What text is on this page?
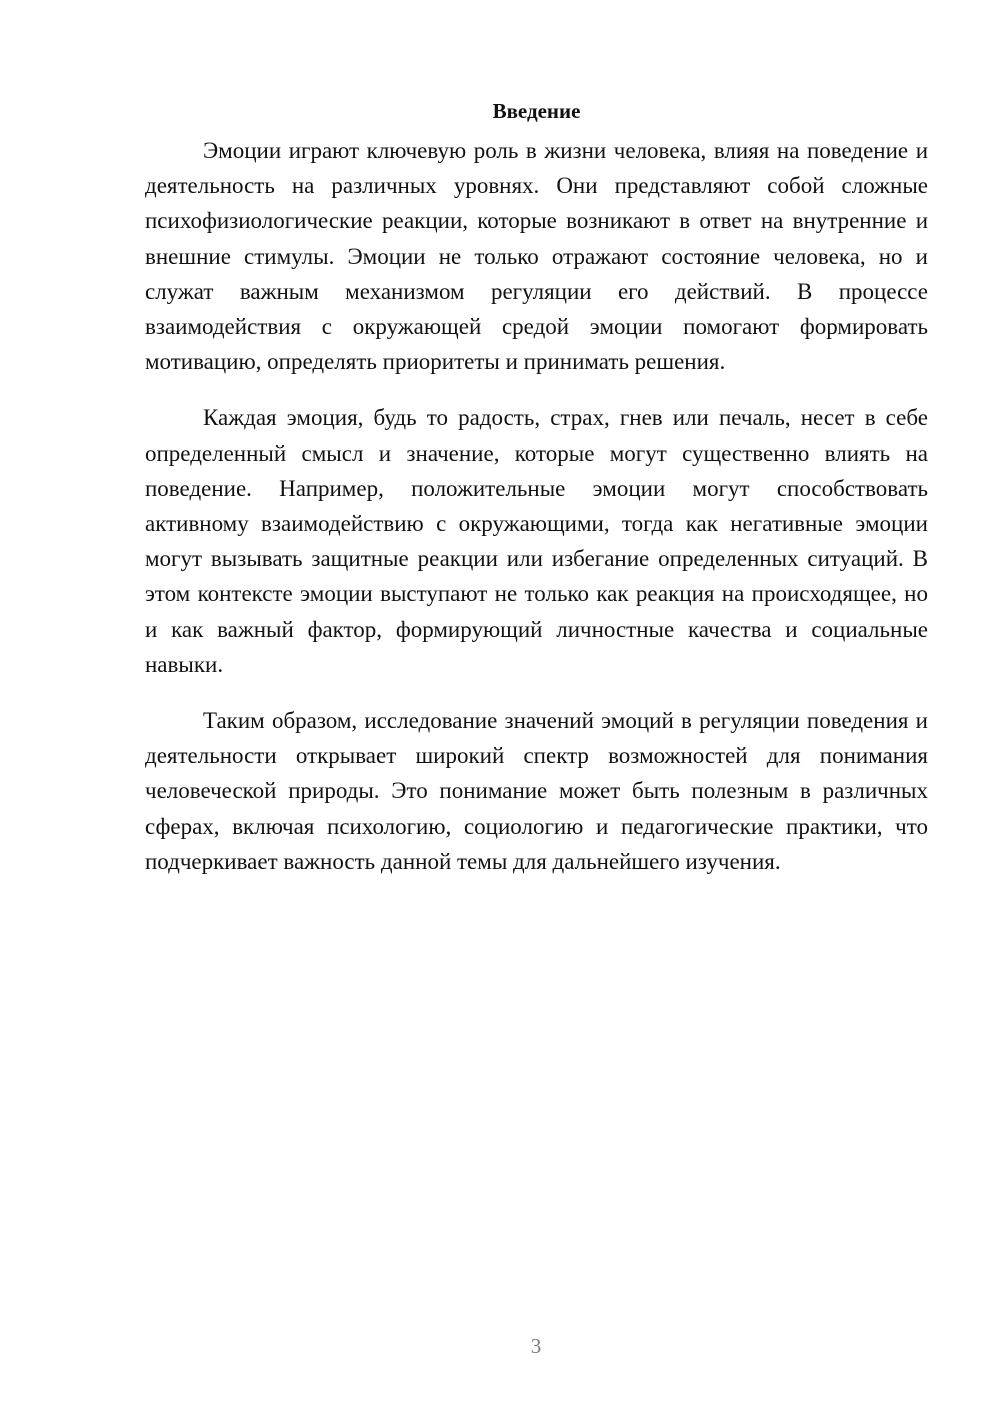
Введение

Эмоции играют ключевую роль в жизни человека, влияя на поведение и деятельность на различных уровнях. Они представляют собой сложные психофизиологические реакции, которые возникают в ответ на внутренние и внешние стимулы. Эмоции не только отражают состояние человека, но и служат важным механизмом регуляции его действий. В процессе взаимодействия с окружающей средой эмоции помогают формировать мотивацию, определять приоритеты и принимать решения.

Каждая эмоция, будь то радость, страх, гнев или печаль, несет в себе определенный смысл и значение, которые могут существенно влиять на поведение. Например, положительные эмоции могут способствовать активному взаимодействию с окружающими, тогда как негативные эмоции могут вызывать защитные реакции или избегание определенных ситуаций. В этом контексте эмоции выступают не только как реакция на происходящее, но и как важный фактор, формирующий личностные качества и социальные навыки.

Таким образом, исследование значений эмоций в регуляции поведения и деятельности открывает широкий спектр возможностей для понимания человеческой природы. Это понимание может быть полезным в различных сферах, включая психологию, социологию и педагогические практики, что подчеркивает важность данной темы для дальнейшего изучения.

3
